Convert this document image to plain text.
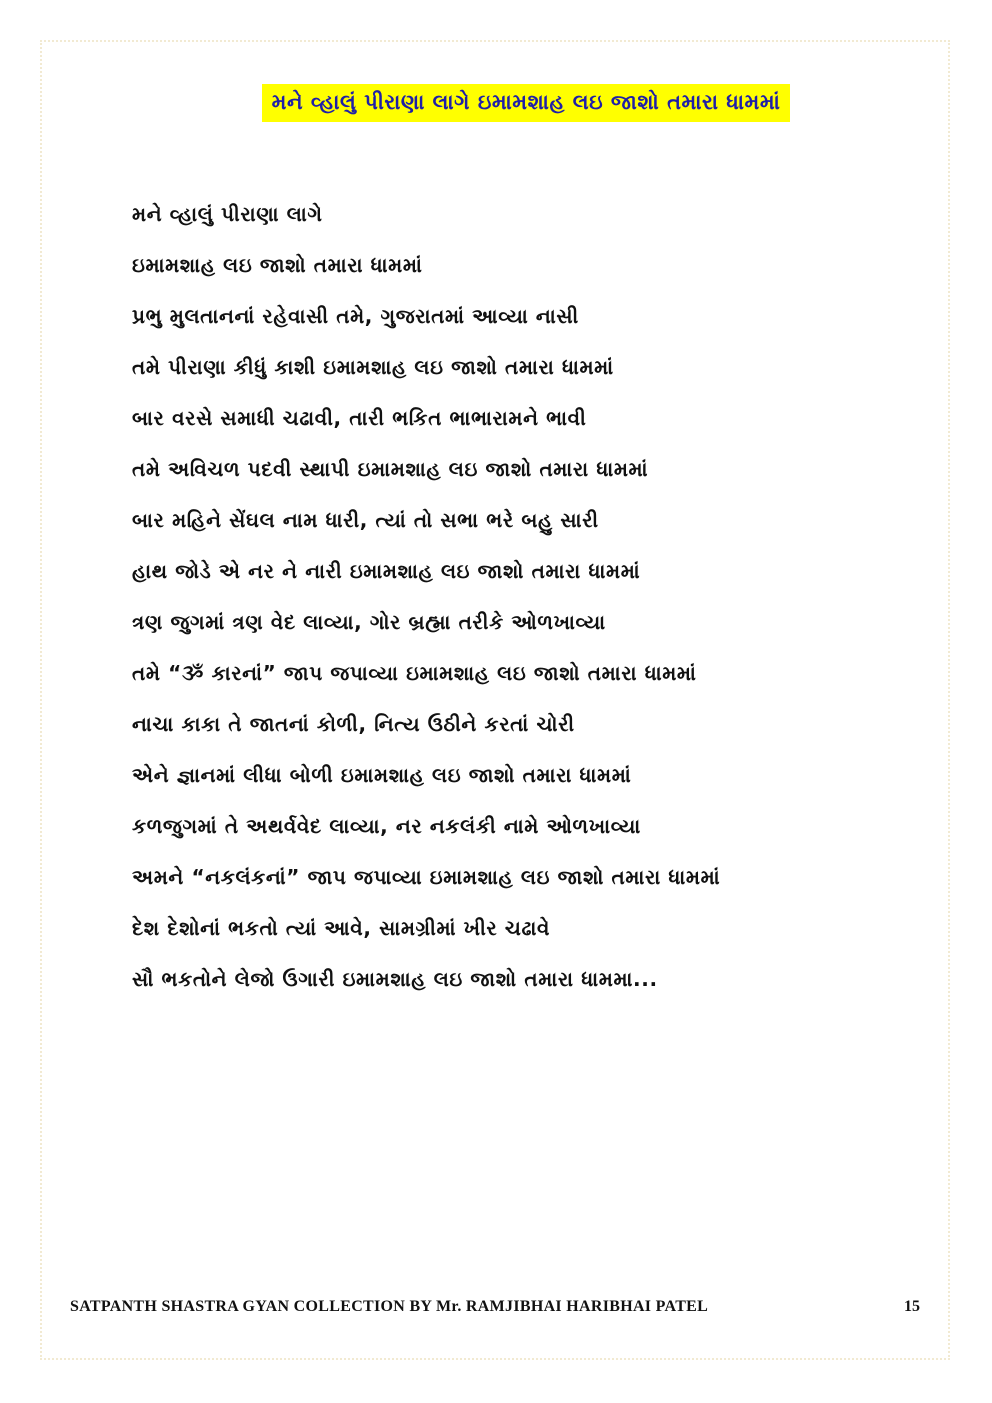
મને વ્હાલું પીરાણા લાગે ઇમામશાહ લઇ જાશો તમારા ધામમાં
મને વ્હાલું પીરાણા લાગે
ઇમામશાહ લઇ જાશો તમારા ધામમાં
પ્રભુ મુલતાનનાં રહેવાસી તમે, ગુજરાતમાં આવ્યા નાસી
તમે પીરાણા કીધું કાશી ઇમામશાહ લઇ જાશો તમારા ધામમાં
બાર વરસે સમાધી ચઢાવી, તારી ભકિત ભાભારામને ભાવી
તમે અવિચળ પદવી સ્થાપી ઇમામશાહ લઇ જાશો તમારા ધામમાં
બાર મહિને સેંઘલ નામ ધારી, ત્યાં તો સભા ભરે બહુ સારી
હાથ જોડે એ નર ને નારી ઇમામશાહ લઇ જાશો તમારા ધામમાં
ત્રણ જુગમાં ત્રણ વેદ લાવ્યા, ગોર બ્રહ્મા તરીકે ઓળખાવ્યા
તમે “ૐ કારનાં” જાપ જપાવ્યા ઇમામશાહ લઇ જાશો તમારા ધામમાં
નાચા કાકા તે જાતનાં કોળી, નિત્ય ઉઠીને કરતાં ચોરી
એને જ્ઞાનમાં લીધા બોળી ઇમામશાહ લઇ જાશો તમારા ધામમાં
કળજુગમાં તે અથર્વવેદ લાવ્યા, નર નકલંકી નામે ઓળખાવ્યા
અમને “નકલંકનાં” જાપ જપાવ્યા ઇમામશાહ લઇ જાશો તમારા ધામમાં
દેશ દેશોનાં ભકતો ત્યાં આવે, સામગ્રીમાં ખીર ચઢાવે
સૌ ભકતોને લેજો ઉગારી ઇમામશાહ લઇ જાશો તમારા ધામમા...
SATPANTH SHASTRA GYAN COLLECTION BY Mr. RAMJIBHAI HARIBHAI PATEL	15
